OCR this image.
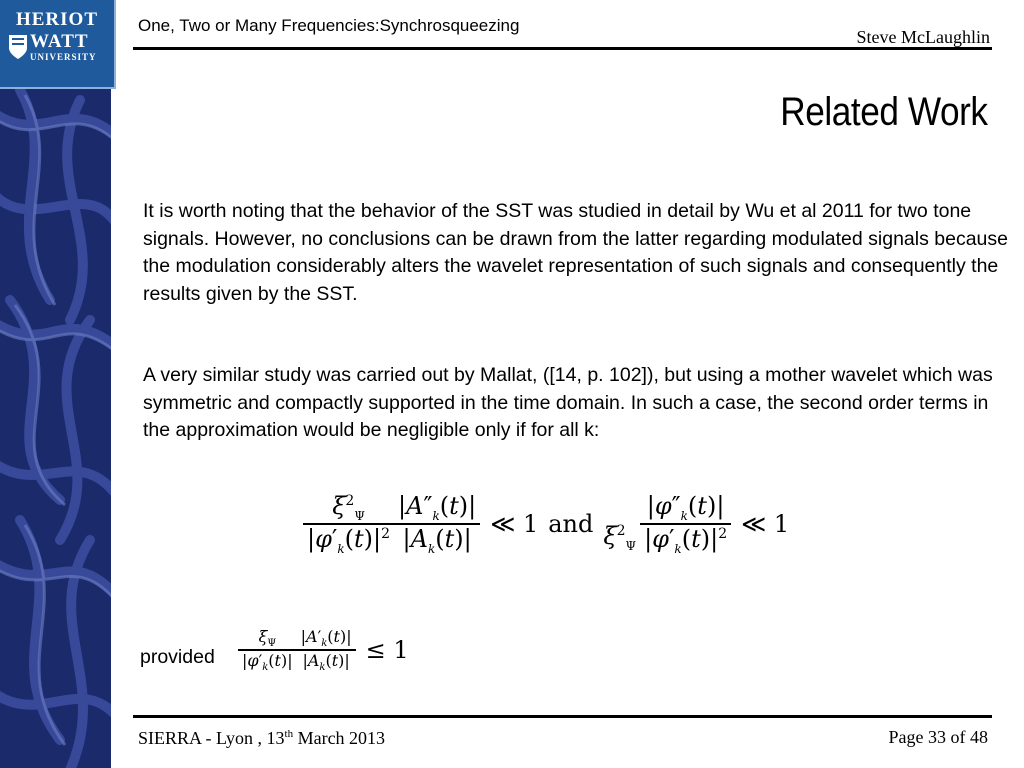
HERIOT
WATT
UNIVERSITY
One, Two or Many Frequencies:Synchrosqueezing
Steve McLaughlin
Related Work
It is worth noting that the behavior of the SST was studied in detail by Wu et al 2011 for two tone signals. However, no conclusions can be drawn from the latter regarding modulated signals because the modulation considerably alters the wavelet representation of such signals and consequently the results given by the SST.
A very similar study was carried out by Mallat, ([14, p. 102]), but using a mother wavelet which was symmetric and compactly supported in the time domain. In such a case, the second order terms in the approximation would be negligible only if for all k:
$\frac{\xi^2_\Psi}{|\varphi'_k(t)|^2} \frac{|A''_k(t)|}{|A_k(t)|}$ ≪ 1 and
$\xi^2_\Psi \frac{|\varphi''_k(t)|}{|\varphi'_k(t)|^2}$ ≪ 1
provided $\frac{\xi_\Psi}{|\varphi'_k(t)|} \frac{|A'_k(t)|}{|A_k(t)|} \le 1$
SIERRA - Lyon , 13th March 2013	Page 33 of 48
